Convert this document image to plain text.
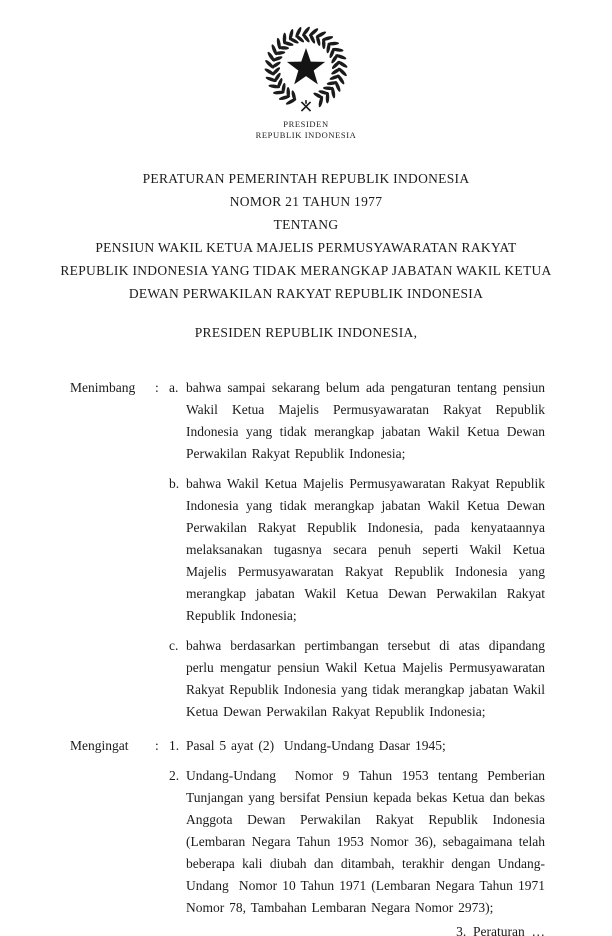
PRESIDEN
REPUBLIK INDONESIA
PERATURAN PEMERINTAH REPUBLIK INDONESIA
NOMOR 21 TAHUN 1977
TENTANG
PENSIUN WAKIL KETUA MAJELIS PERMUSYAWARATAN RAKYAT
REPUBLIK INDONESIA YANG TIDAK MERANGKAP JABATAN WAKIL KETUA
DEWAN PERWAKILAN RAKYAT REPUBLIK INDONESIA
PRESIDEN REPUBLIK INDONESIA,
Menimbang	: a. bahwa sampai sekarang belum ada pengaturan tentang pensiun Wakil Ketua Majelis Permusyawaratan Rakyat Republik Indonesia yang tidak merangkap jabatan Wakil Ketua Dewan Perwakilan Rakyat Republik Indonesia;
b. bahwa Wakil Ketua Majelis Permusyawaratan Rakyat Republik Indonesia yang tidak merangkap jabatan Wakil Ketua Dewan Perwakilan Rakyat Republik Indonesia, pada kenyataannya melaksanakan tugasnya secara penuh seperti Wakil Ketua Majelis Permusyawaratan Rakyat Republik Indonesia yang merangkap jabatan Wakil Ketua Dewan Perwakilan Rakyat Republik Indonesia;
c. bahwa berdasarkan pertimbangan tersebut di atas dipandang perlu mengatur pensiun Wakil Ketua Majelis Permusyawaratan Rakyat Republik Indonesia yang tidak merangkap jabatan Wakil Ketua Dewan Perwakilan Rakyat Republik Indonesia;
Mengingat	: 1. Pasal 5 ayat (2)  Undang-Undang Dasar 1945;
2. Undang-Undang  Nomor 9 Tahun 1953 tentang Pemberian Tunjangan yang bersifat Pensiun kepada bekas Ketua dan bekas Anggota Dewan Perwakilan Rakyat Republik Indonesia (Lembaran Negara Tahun 1953 Nomor 36), sebagaimana telah beberapa kali diubah dan ditambah, terakhir dengan Undang-Undang  Nomor 10 Tahun 1971 (Lembaran Negara Tahun 1971 Nomor 78, Tambahan Lembaran Negara Nomor 2973);
3.  Peraturan  …
